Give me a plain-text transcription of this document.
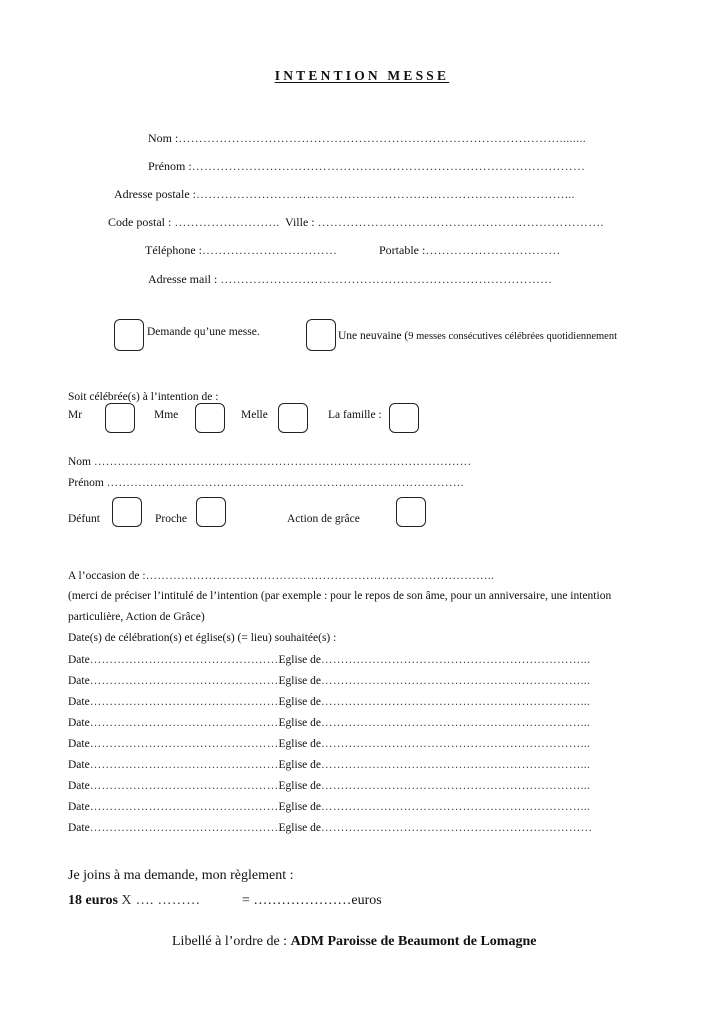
INTENTION MESSE
Nom :…………………………………………………………………………………........
Prénom :……………………………………………………………………………………
Adresse postale :………………………………………………………………………………...
Code postal : …………………….. Ville : …………………………………………………………….
Téléphone :……………………………	Portable :……………………………
Adresse mail : ………………………………………………………………………
Demande qu’une messe.	Une neuvaine (9 messes consécutives célébrées quotidiennement
Soit célébrée(s) à l’intention de :
Mr	Mme	Melle	La famille :
Nom ……………………………………………………………………………………
Prénom ……………………………………………………………………………….
Défunt	Proche	Action de grâce
A l’occasion de :……………………………………………………………………………..
(merci de préciser l’intitulé de l’intention (par exemple : pour le repos de son âme, pour un anniversaire, une intention
particulière, Action de Grâce)
Date(s) de célébration(s) et église(s) (= lieu) souhaitée(s) :
Date…………………………………………Eglise de…………………………………………………………...
Date…………………………………………Eglise de…………………………………………………………...
Date…………………………………………Eglise de…………………………………………………………...
Date…………………………………………Eglise de…………………………………………………………...
Date…………………………………………Eglise de…………………………………………………………...
Date…………………………………………Eglise de…………………………………………………………...
Date…………………………………………Eglise de…………………………………………………………...
Date…………………………………………Eglise de…………………………………………………………...
Date…………………………………………Eglise de……………………………………………………………
Je joins à ma demande, mon règlement :
18 euros X …. ………	= …………………euros
Libellé à l’ordre de : ADM Paroisse de Beaumont de Lomagne
